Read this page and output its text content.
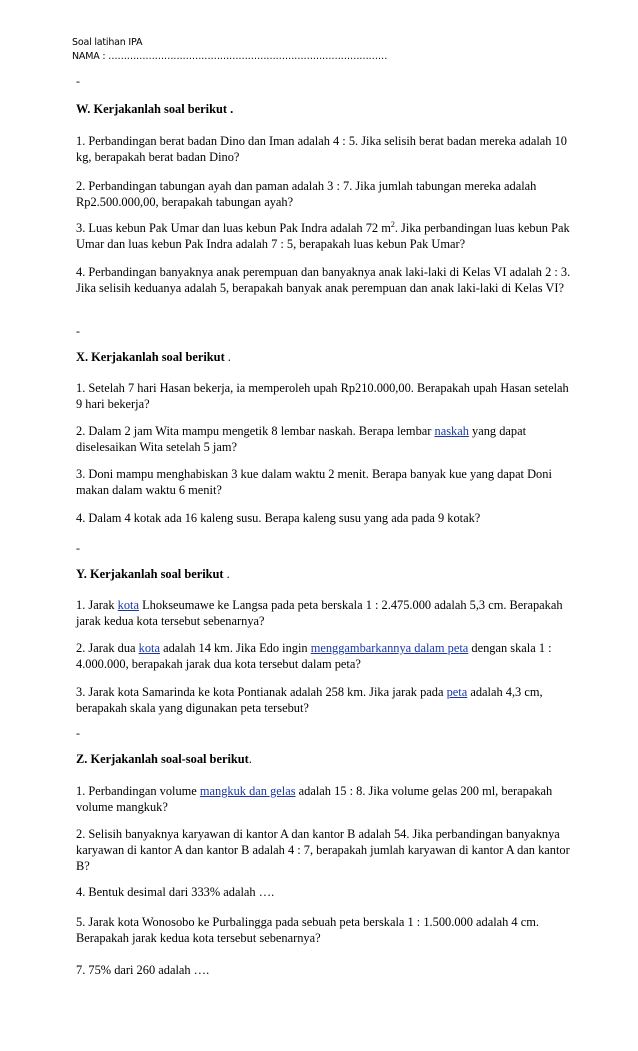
Soal latihan IPA
NAMA : ………………………………………………………………………………
-
W. Kerjakanlah soal berikut .

1. Perbandingan berat badan Dino dan Iman adalah 4 : 5. Jika selisih berat badan mereka adalah 10 kg, berapakah berat badan Dino?

2. Perbandingan tabungan ayah dan paman adalah 3 : 7. Jika jumlah tabungan mereka adalah Rp2.500.000,00, berapakah tabungan ayah?

3. Luas kebun Pak Umar dan luas kebun Pak Indra adalah 72 $m^2$. Jika perbandingan luas kebun Pak Umar dan luas kebun Pak Indra adalah 7 : 5, berapakah luas kebun Pak Umar?

4. Perbandingan banyaknya anak perempuan dan banyaknya anak laki-laki di Kelas VI adalah 2 : 3. Jika selisih keduanya adalah 5, berapakah banyak anak perempuan dan anak laki-laki di Kelas VI?

-
X. Kerjakanlah soal berikut .

1. Setelah 7 hari Hasan bekerja, ia memperoleh upah Rp210.000,00. Berapakah upah Hasan setelah 9 hari bekerja?

2. Dalam 2 jam Wita mampu mengetik 8 lembar naskah. Berapa lembar naskah yang dapat diselesaikan Wita setelah 5 jam?

3. Doni mampu menghabiskan 3 kue dalam waktu 2 menit. Berapa banyak kue yang dapat Doni makan dalam waktu 6 menit?

4. Dalam 4 kotak ada 16 kaleng susu. Berapa kaleng susu yang ada pada 9 kotak?

-
Y. Kerjakanlah soal berikut .

1. Jarak kota Lhokseumawe ke Langsa pada peta berskala 1 : 2.475.000 adalah 5,3 cm. Berapakah jarak kedua kota tersebut sebenarnya?

2. Jarak dua kota adalah 14 km. Jika Edo ingin menggambarkannya dalam peta dengan skala 1 : 4.000.000, berapakah jarak dua kota tersebut dalam peta?

3. Jarak kota Samarinda ke kota Pontianak adalah 258 km. Jika jarak pada peta adalah 4,3 cm, berapakah skala yang digunakan peta tersebut?

-
Z. Kerjakanlah soal-soal berikut.

1. Perbandingan volume mangkuk dan gelas adalah 15 : 8. Jika volume gelas 200 ml, berapakah volume mangkuk?

2. Selisih banyaknya karyawan di kantor A dan kantor B adalah 54. Jika perbandingan banyaknya karyawan di kantor A dan kantor B adalah 4 : 7, berapakah jumlah karyawan di kantor A dan kantor B?

4. Bentuk desimal dari 333% adalah ….

5. Jarak kota Wonosobo ke Purbalingga pada sebuah peta berskala 1 : 1.500.000 adalah 4 cm. Berapakah jarak kedua kota tersebut sebenarnya?

7. 75% dari 260 adalah ….
